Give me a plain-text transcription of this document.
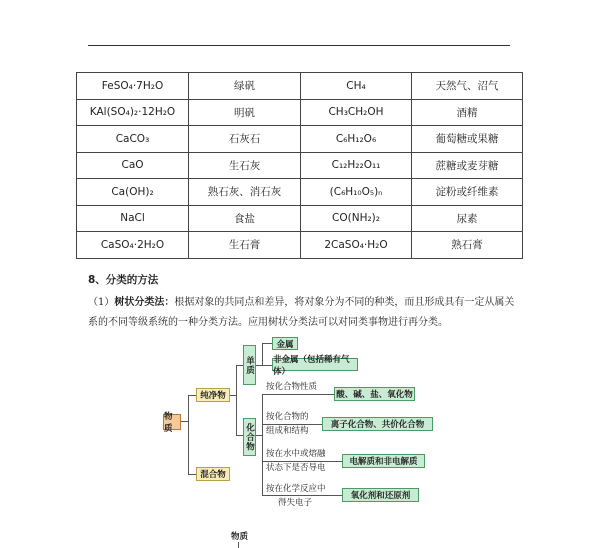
FeSO₄·7H₂O	绿矾	CH₄	天然气、沼气
KAl(SO₄)₂·12H₂O	明矾	CH₃CH₂OH	酒精
CaCO₃	石灰石	C₆H₁₂O₆	葡萄糖或果糖
CaO	生石灰	C₁₂H₂₂O₁₁	蔗糖或麦芽糖
Ca(OH)₂	熟石灰、消石灰	(C₆H₁₀O₅)ₙ	淀粉或纤维素
NaCl	食盐	CO(NH₂)₂	尿素
CaSO₄·2H₂O	生石膏	2CaSO₄·H₂O	熟石膏
8、分类的方法
（1）树状分类法：根据对象的共同点和差异，将对象分为不同的种类，而且形成具有一定从属关系的不同等级系统的一种分类方法。应用树状分类法可以对同类事物进行再分类。
物质
纯净物
混合物
单质
化合物
金属
非金属（包括稀有气体）
按化合物性质
酸、碱、盐、氧化物
按化合物的
组成和结构
离子化合物、共价化合物
按在水中或熔融
状态下是否导电
电解质和非电解质
按在化学反应中
得失电子
氧化剂和还原剂
物质
